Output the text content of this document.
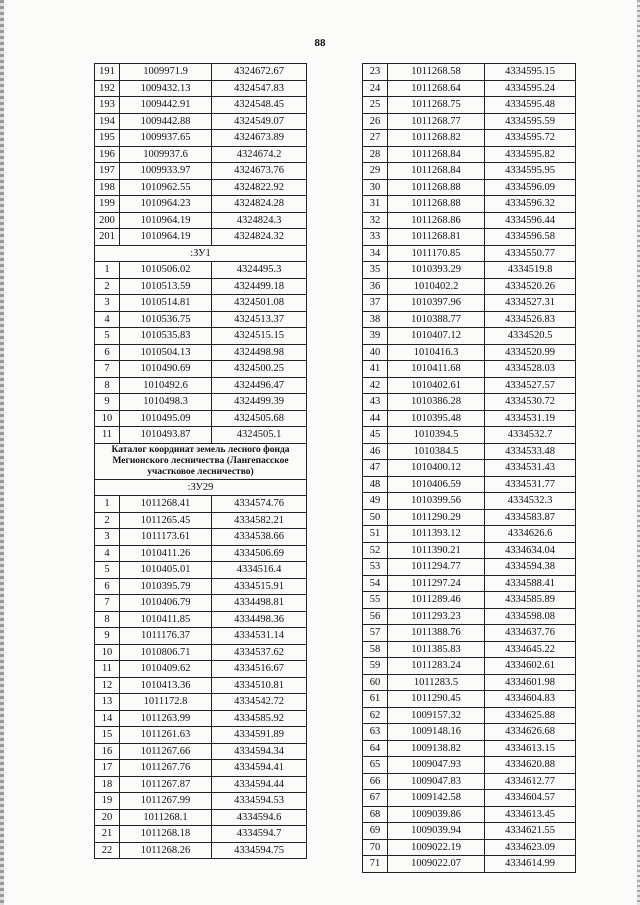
88
191	1009971.9	4324672.67
192	1009432.13	4324547.83
193	1009442.91	4324548.45
194	1009442.88	4324549.07
195	1009937.65	4324673.89
196	1009937.6	4324674.2
197	1009933.97	4324673.76
198	1010962.55	4324822.92
199	1010964.23	4324824.28
200	1010964.19	4324824.3
201	1010964.19	4324824.32
:ЗУ1		
1	1010506.02	4324495.3
2	1010513.59	4324499.18
3	1010514.81	4324501.08
4	1010536.75	4324513.37
5	1010535.83	4324515.15
6	1010504.13	4324498.98
7	1010490.69	4324500.25
8	1010492.6	4324496.47
9	1010498.3	4324499.39
10	1010495.09	4324505.68
11	1010493.87	4324505.1
Каталог координат земель лесного фонда Мегионского лесничества (Лангепасское участковое лесничество)		
:ЗУ29		
1	1011268.41	4334574.76
2	1011265.45	4334582.21
3	1011173.61	4334538.66
4	1010411.26	4334506.69
5	1010405.01	4334516.4
6	1010395.79	4334515.91
7	1010406.79	4334498.81
8	1010411.85	4334498.36
9	1011176.37	4334531.14
10	1010806.71	4334537.62
11	1010409.62	4334516.67
12	1010413.36	4334510.81
13	1011172.8	4334542.72
14	1011263.99	4334585.92
15	1011261.63	4334591.89
16	1011267.66	4334594.34
17	1011267.76	4334594.41
18	1011267.87	4334594.44
19	1011267.99	4334594.53
20	1011268.1	4334594.6
21	1011268.18	4334594.7
22	1011268.26	4334594.75
23	1011268.58	4334595.15
24	1011268.64	4334595.24
25	1011268.75	4334595.48
26	1011268.77	4334595.59
27	1011268.82	4334595.72
28	1011268.84	4334595.82
29	1011268.84	4334595.95
30	1011268.88	4334596.09
31	1011268.88	4334596.32
32	1011268.86	4334596.44
33	1011268.81	4334596.58
34	1011170.85	4334550.77
35	1010393.29	4334519.8
36	1010402.2	4334520.26
37	1010397.96	4334527.31
38	1010388.77	4334526.83
39	1010407.12	4334520.5
40	1010416.3	4334520.99
41	1010411.68	4334528.03
42	1010402.61	4334527.57
43	1010386.28	4334530.72
44	1010395.48	4334531.19
45	1010394.5	4334532.7
46	1010384.5	4334533.48
47	1010400.12	4334531.43
48	1010406.59	4334531.77
49	1010399.56	4334532.3
50	1011290.29	4334583.87
51	1011393.12	4334626.6
52	1011390.21	4334634.04
53	1011294.77	4334594.38
54	1011297.24	4334588.41
55	1011289.46	4334585.89
56	1011293.23	4334598.08
57	1011388.76	4334637.76
58	1011385.83	4334645.22
59	1011283.24	4334602.61
60	1011283.5	4334601.98
61	1011290.45	4334604.83
62	1009157.32	4334625.88
63	1009148.16	4334626.68
64	1009138.82	4334613.15
65	1009047.93	4334620.88
66	1009047.83	4334612.77
67	1009142.58	4334604.57
68	1009039.86	4334613.45
69	1009039.94	4334621.55
70	1009022.19	4334623.09
71	1009022.07	4334614.99
